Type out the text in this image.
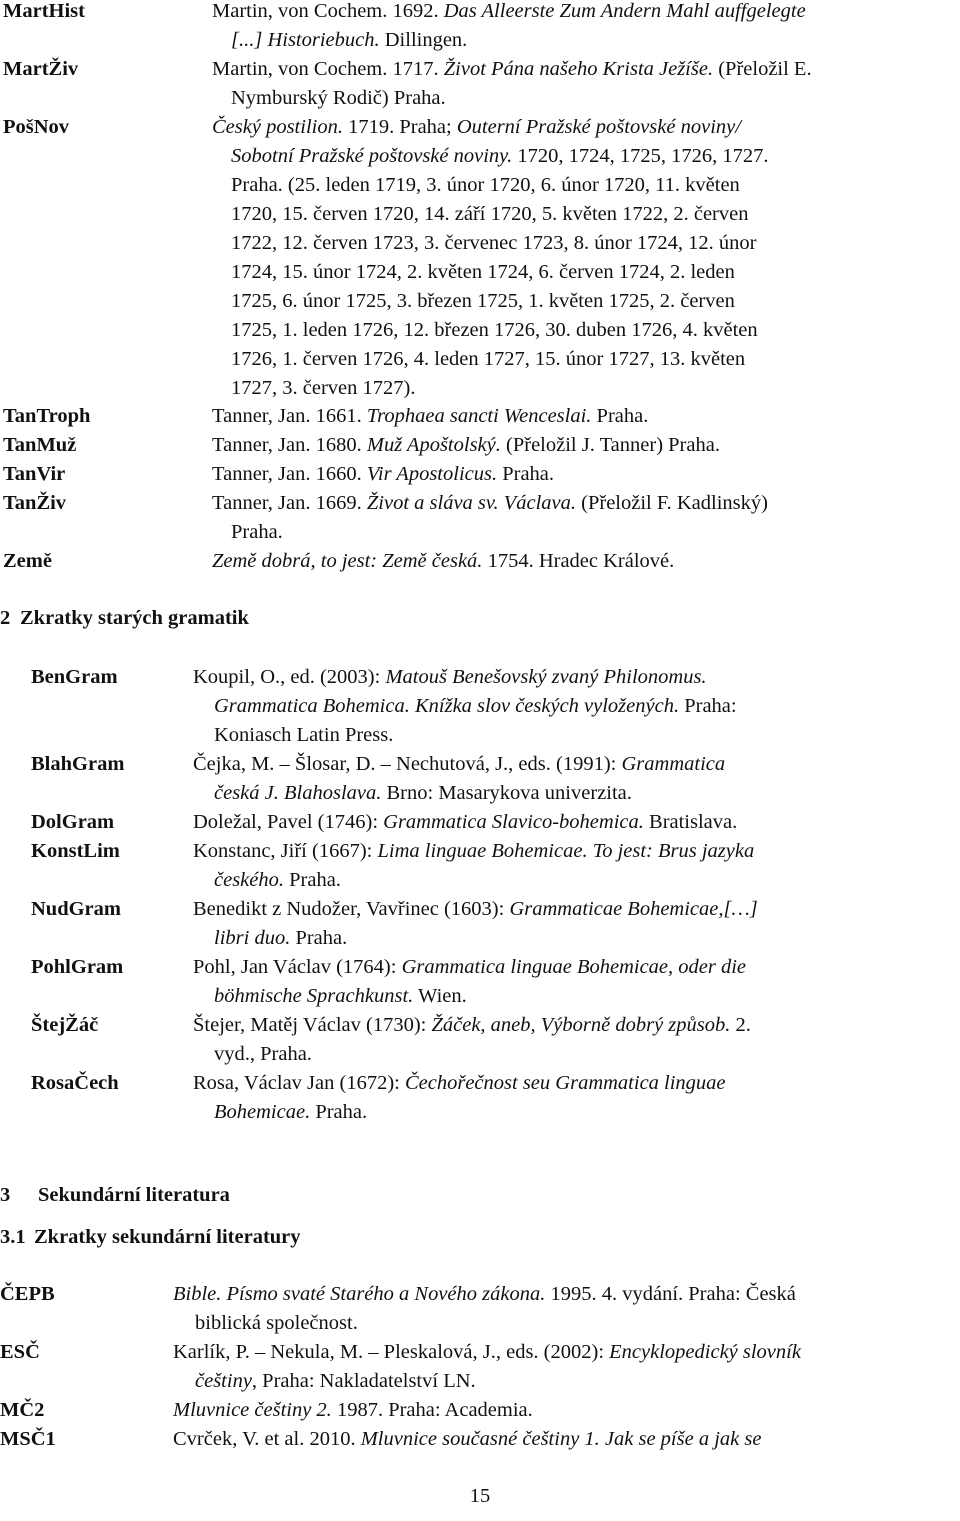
MartHist	Martin, von Cochem. 1692. Das Alleerste Zum Andern Mahl auffgelegte
[...] Historiebuch. Dillingen.
MartŽiv	Martin, von Cochem. 1717. Život Pána našeho Krista Ježíše. (Přeložil E.
Nymburský Rodič) Praha.
PošNov	Český postilion. 1719. Praha; Outerní Pražské poštovské noviny/
Sobotní Pražské poštovské noviny. 1720, 1724, 1725, 1726, 1727.
Praha. (25. leden 1719, 3. únor 1720, 6. únor 1720, 11. květen
1720, 15. červen 1720, 14. září 1720, 5. květen 1722, 2. červen
1722, 12. červen 1723, 3. červenec 1723, 8. únor 1724, 12. únor
1724, 15. únor 1724, 2. květen 1724, 6. červen 1724, 2. leden
1725, 6. únor 1725, 3. březen 1725, 1. květen 1725, 2. červen
1725, 1. leden 1726, 12. březen 1726, 30. duben 1726, 4. květen
1726, 1. červen 1726, 4. leden 1727, 15. únor 1727, 13. květen
1727, 3. červen 1727).
TanTroph	Tanner, Jan. 1661. Trophaea sancti Wenceslai. Praha.
TanMuž	Tanner, Jan. 1680. Muž Apoštolský. (Přeložil J. Tanner) Praha.
TanVir	Tanner, Jan. 1660. Vir Apostolicus. Praha.
TanŽiv	Tanner, Jan. 1669. Život a sláva sv. Václava. (Přeložil F. Kadlinský)
Praha.
Země	Země dobrá, to jest: Země česká. 1754. Hradec Králové.
2 Zkratky starých gramatik
BenGram	Koupil, O., ed. (2003): Matouš Benešovský zvaný Philonomus.
Grammatica Bohemica. Knížka slov českých vyložených. Praha:
Koniasch Latin Press.
BlahGram	Čejka, M. – Šlosar, D. – Nechutová, J., eds. (1991): Grammatica
česká J. Blahoslava. Brno: Masarykova univerzita.
DolGram	Doležal, Pavel (1746): Grammatica Slavico-bohemica. Bratislava.
KonstLim	Konstanc, Jiří (1667): Lima linguae Bohemicae. To jest: Brus jazyka
českého. Praha.
NudGram	Benedikt z Nudožer, Vavřinec (1603): Grammaticae Bohemicae,[…]
libri duo. Praha.
PohlGram	Pohl, Jan Václav (1764): Grammatica linguae Bohemicae, oder die
böhmische Sprachkunst. Wien.
ŠtejŽáč	Štejer, Matěj Václav (1730): Žáček, aneb, Výborně dobrý způsob. 2.
vyd., Praha.
RosaČech	Rosa, Václav Jan (1672): Čechořečnost seu Grammatica linguae
Bohemicae. Praha.
3 Sekundární literatura
3.1 Zkratky sekundární literatury
ČEPB	Bible. Písmo svaté Starého a Nového zákona. 1995. 4. vydání. Praha: Česká
biblická společnost.
ESČ	Karlík, P. – Nekula, M. – Pleskalová, J., eds. (2002): Encyklopedický slovník
češtiny, Praha: Nakladatelství LN.
MČ2	Mluvnice češtiny 2. 1987. Praha: Academia.
MSČ1	Cvrček, V. et al. 2010. Mluvnice současné češtiny 1. Jak se píše a jak se
15
